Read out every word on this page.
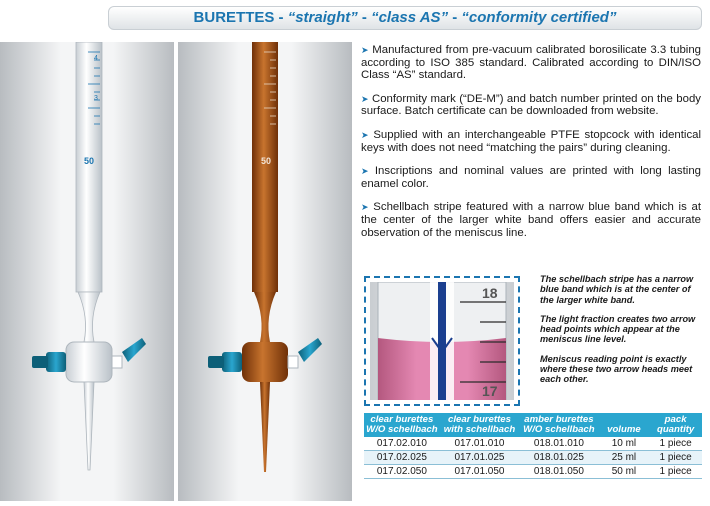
BURETTES - “straight” - “class AS” - “conformity certified”
4
3
50	50

➤ Manufactured from pre-vacuum calibrated borosilicate 3.3 tubing according to ISO 385 standard. Calibrated according to DIN/ISO Class “AS” standard.

➤ Conformity mark (“DE-M”) and batch number printed on the body surface. Batch certificate can be downloaded from website.

➤ Supplied with an interchangeable PTFE stopcock with identical keys with does not need “matching the pairs” during cleaning.

➤ Inscriptions and nominal values are printed with long lasting enamel color.

➤ Schellbach stripe featured with a narrow blue band which is at the center of the larger white band offers easier and accurate observation of the meniscus line.

18
17

The schellbach stripe has a narrow blue band which is at the center of the larger white band.

The light fraction creates two arrow head points which appear at the meniscus line level.

Meniscus reading point is exactly where these two arrow heads meet each other.

clear burettes W/O schellbach	clear burettes with schellbach	amber burettes W/O schellbach	volume	pack quantity
017.02.010	017.01.010	018.01.010	10 ml	1 piece
017.02.025	017.01.025	018.01.025	25 ml	1 piece
017.02.050	017.01.050	018.01.050	50 ml	1 piece
